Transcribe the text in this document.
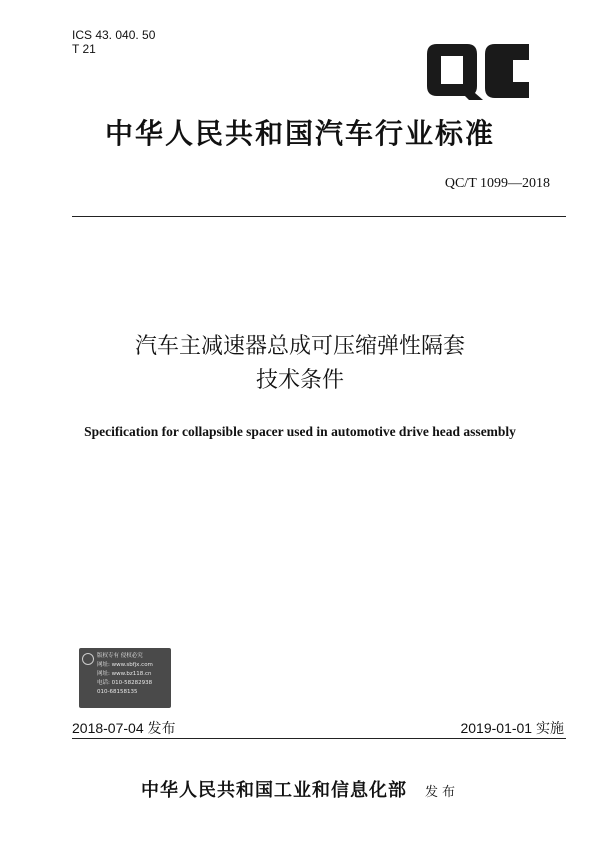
ICS 43. 040. 50
T 21
中华人民共和国汽车行业标准
QC/T 1099—2018
汽车主减速器总成可压缩弹性隔套
技术条件
Specification for collapsible spacer used in automotive drive head assembly
版权专有 侵权必究
网址: www.sbfjx.com
网址: www.bz118.cn
电话: 010-58282938
010-68158135
2018-07-04 发布	2019-01-01 实施
中华人民共和国工业和信息化部 发布
